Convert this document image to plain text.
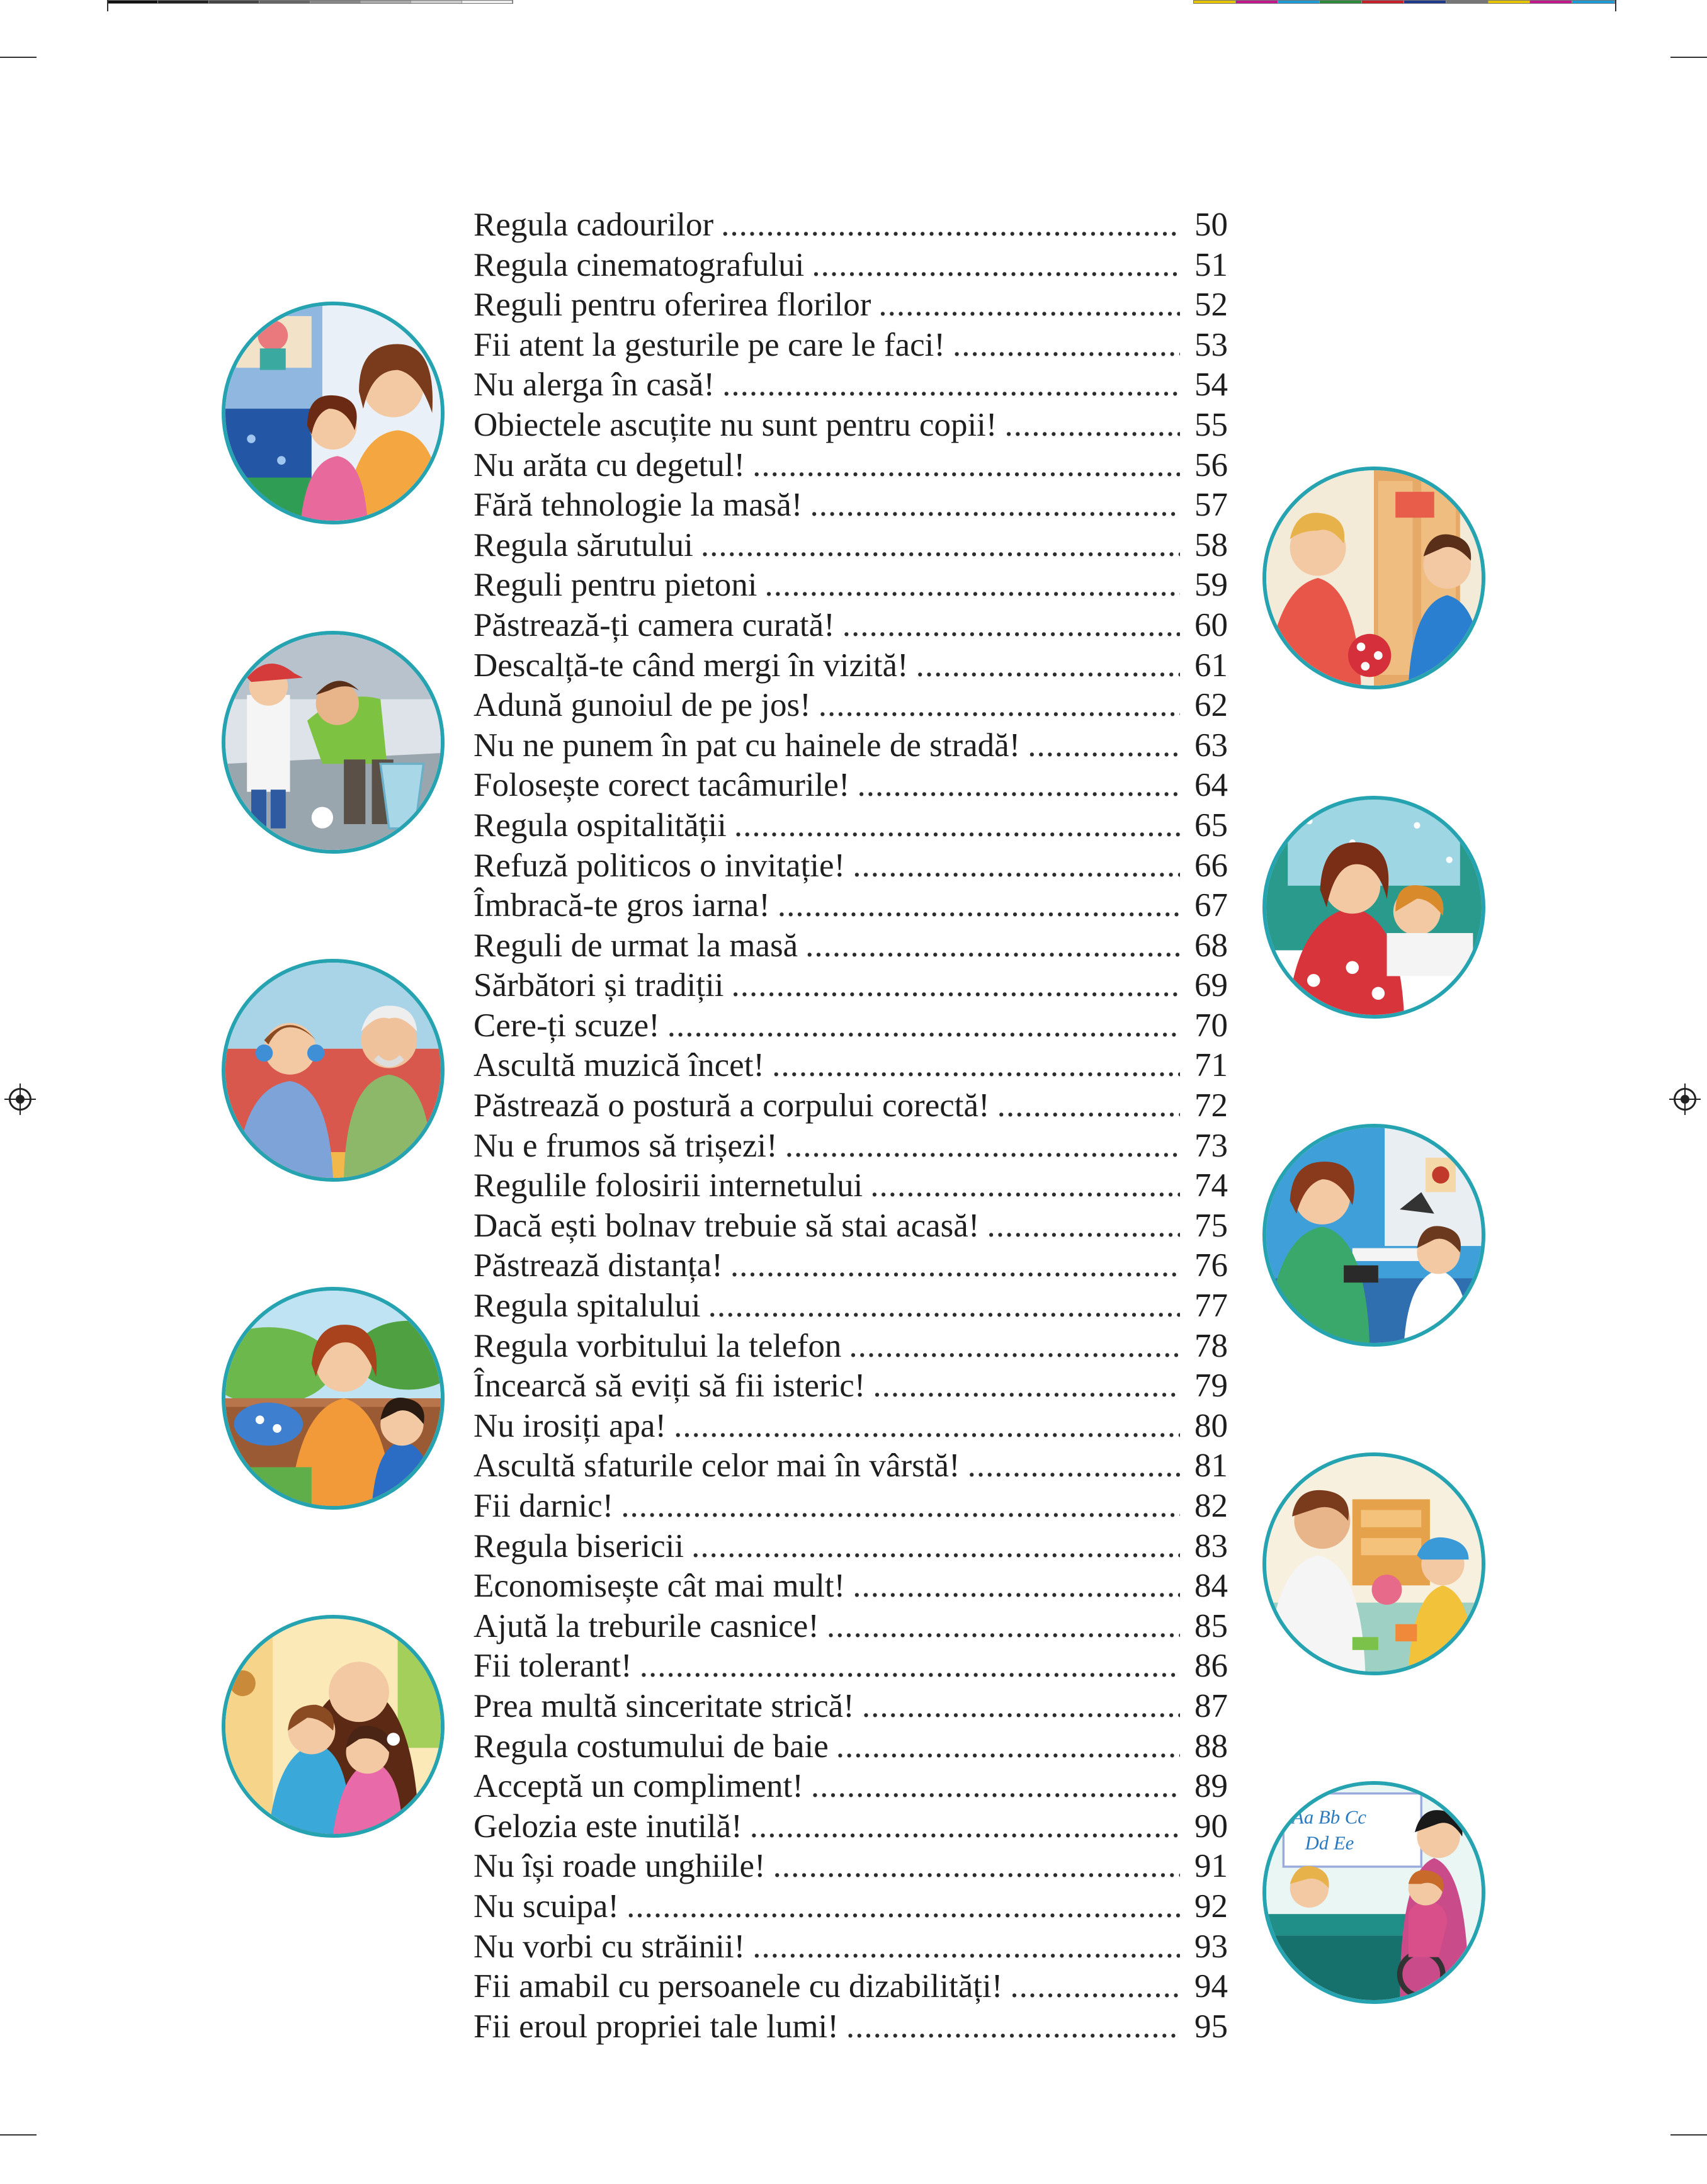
Regula cadourilor .....	50
Regula cinematografului .....	51
Reguli pentru oferirea florilor .....	52
Fii atent la gesturile pe care le faci! .....	53
Nu alerga în casă! .....	54
Obiectele ascuțite nu sunt pentru copii! .....	55
Nu arăta cu degetul! .....	56
Fără tehnologie la masă! .....	57
Regula sărutului .....	58
Reguli pentru pietoni .....	59
Păstrează-ți camera curată! .....	60
Descalță-te când mergi în vizită! .....	61
Adună gunoiul de pe jos! .....	62
Nu ne punem în pat cu hainele de stradă! .....	63
Folosește corect tacâmurile! .....	64
Regula ospitalității .....	65
Refuză politicos o invitație! .....	66
Îmbracă-te gros iarna! .....	67
Reguli de urmat la masă .....	68
Sărbători și tradiții .....	69
Cere-ți scuze! .....	70
Ascultă muzică încet! .....	71
Păstrează o postură a corpului corectă! .....	72
Nu e frumos să trișezi! .....	73
Regulile folosirii internetului .....	74
Dacă ești bolnav trebuie să stai acasă! .....	75
Păstrează distanța! .....	76
Regula spitalului .....	77
Regula vorbitului la telefon .....	78
Încearcă să eviți să fii isteric! .....	79
Nu irosiți apa! .....	80
Ascultă sfaturile celor mai în vârstă! .....	81
Fii darnic! .....	82
Regula bisericii .....	83
Economisește cât mai mult! .....	84
Ajută la treburile casnice! .....	85
Fii tolerant! .....	86
Prea multă sinceritate strică! .....	87
Regula costumului de baie .....	88
Acceptă un compliment! .....	89
Gelozia este inutilă! .....	90
Nu își roade unghiile! .....	91
Nu scuipa! .....	92
Nu vorbi cu străinii! .....	93
Fii amabil cu persoanele cu dizabilități! .....	94
Fii eroul propriei tale lumi! .....	95
Aa Bb Cc
Dd Ee
